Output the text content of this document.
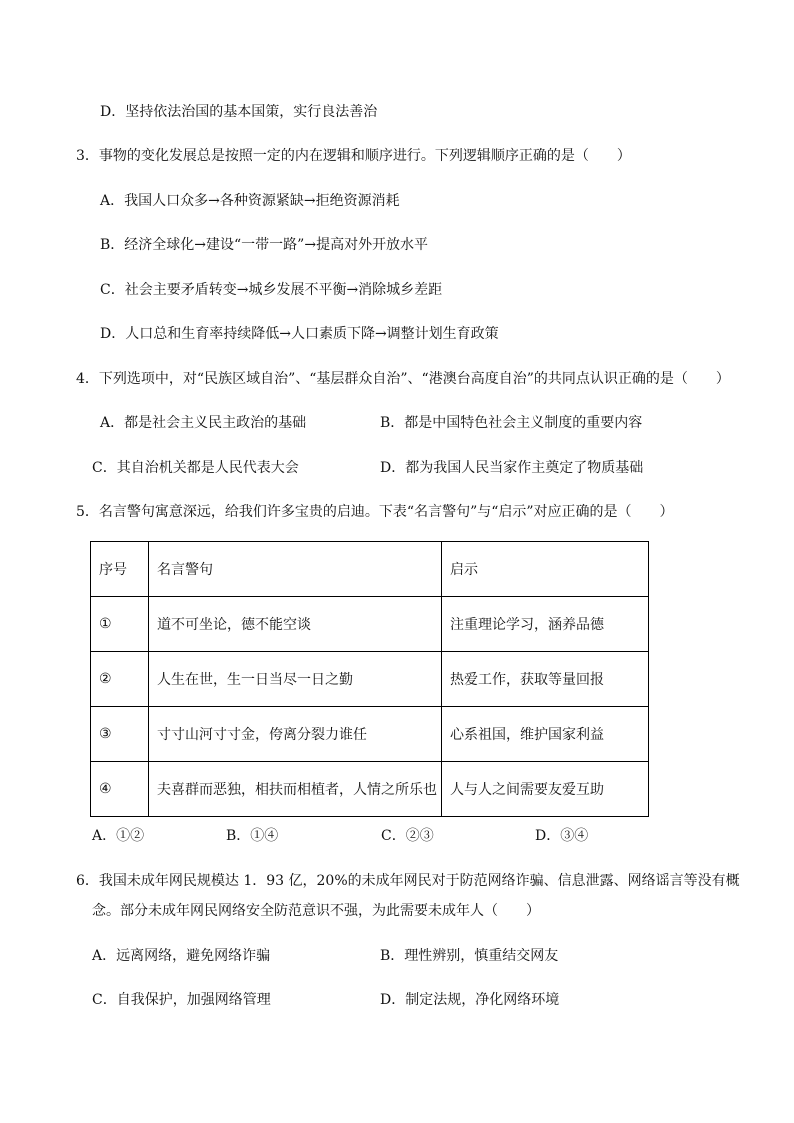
D．坚持依法治国的基本国策，实行良法善治
3．事物的变化发展总是按照一定的内在逻辑和顺序进行。下列逻辑顺序正确的是（　　）
A．我国人口众多→各种资源紧缺→拒绝资源消耗
B．经济全球化→建设“一带一路”→提高对外开放水平
C．社会主要矛盾转变→城乡发展不平衡→消除城乡差距
D．人口总和生育率持续降低→人口素质下降→调整计划生育政策
4．下列选项中，对“民族区域自治”、“基层群众自治”、“港澳台高度自治”的共同点认识正确的是（　　）
A．都是社会主义民主政治的基础	B．都是中国特色社会主义制度的重要内容
C．其自治机关都是人民代表大会	D．都为我国人民当家作主奠定了物质基础
5．名言警句寓意深远，给我们许多宝贵的启迪。下表“名言警句”与“启示”对应正确的是（　　）
序号	名言警句	启示
①	道不可坐论，德不能空谈	注重理论学习，涵养品德
②	人生在世，生一日当尽一日之勤	热爱工作，获取等量回报
③	寸寸山河寸寸金，侉离分裂力谁任	心系祖国，维护国家利益
④	夫喜群而恶独，相扶而相植者，人情之所乐也	人与人之间需要友爱互助
A．①②	B．①④	C．②③	D．③④
6．我国未成年网民规模达 1．93 亿，20%的未成年网民对于防范网络诈骗、信息泄露、网络谣言等没有概
念。部分未成年网民网络安全防范意识不强，为此需要未成年人（　　）
A．远离网络，避免网络诈骗	B．理性辨别，慎重结交网友
C．自我保护，加强网络管理	D．制定法规，净化网络环境
